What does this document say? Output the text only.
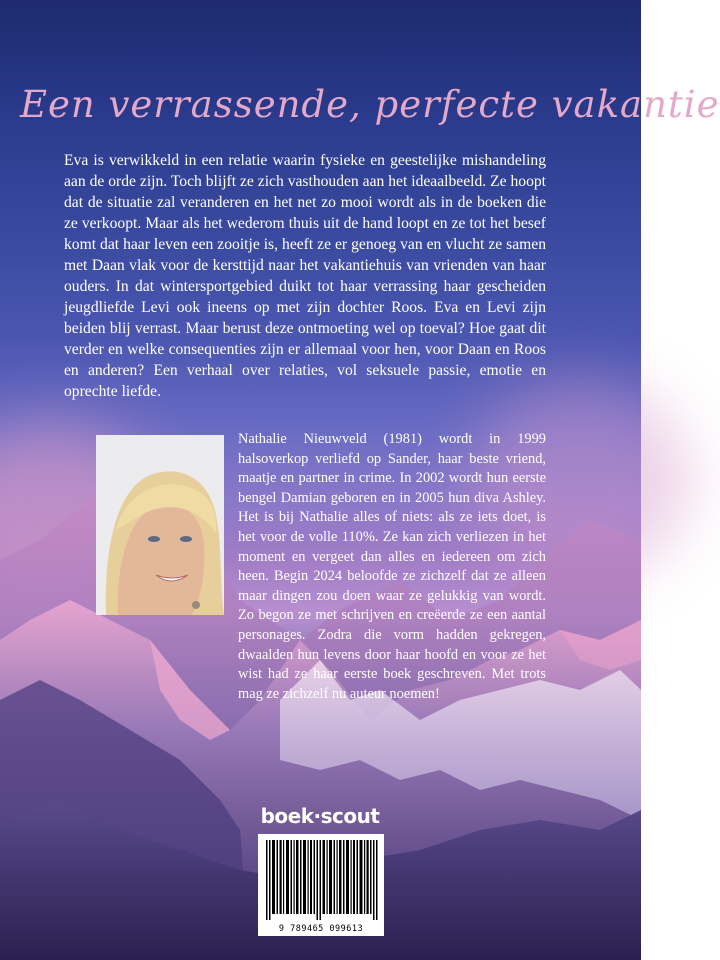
Een verrassende, perfecte vakantie

Eva is verwikkeld in een relatie waarin fysieke en geestelijke mishandeling aan de orde zijn. Toch blijft ze zich vasthouden aan het ideaalbeeld. Ze hoopt dat de situatie zal veranderen en het net zo mooi wordt als in de boeken die ze verkoopt. Maar als het wederom thuis uit de hand loopt en ze tot het besef komt dat haar leven een zooitje is, heeft ze er genoeg van en vlucht ze samen met Daan vlak voor de kersttijd naar het vakantiehuis van vrienden van haar ouders. In dat wintersportgebied duikt tot haar verrassing haar gescheiden jeugdliefde Levi ook ineens op met zijn dochter Roos. Eva en Levi zijn beiden blij verrast. Maar berust deze ontmoeting wel op toeval? Hoe gaat dit verder en welke consequenties zijn er allemaal voor hen, voor Daan en Roos en anderen? Een verhaal over relaties, vol seksuele passie, emotie en oprechte liefde.

Nathalie Nieuwveld (1981) wordt in 1999 halsoverkop verliefd op Sander, haar beste vriend, maatje en partner in crime. In 2002 wordt hun eerste bengel Damian geboren en in 2005 hun diva Ashley. Het is bij Nathalie alles of niets: als ze iets doet, is het voor de volle 110%. Ze kan zich verliezen in het moment en vergeet dan alles en iedereen om zich heen. Begin 2024 beloofde ze zichzelf dat ze alleen maar dingen zou doen waar ze gelukkig van wordt. Zo begon ze met schrijven en creëerde ze een aantal personages. Zodra die vorm hadden gekregen, dwaalden hun levens door haar hoofd en voor ze het wist had ze haar eerste boek geschreven. Met trots mag ze zichzelf nu auteur noemen!

boek·scout
9 789465 099613
